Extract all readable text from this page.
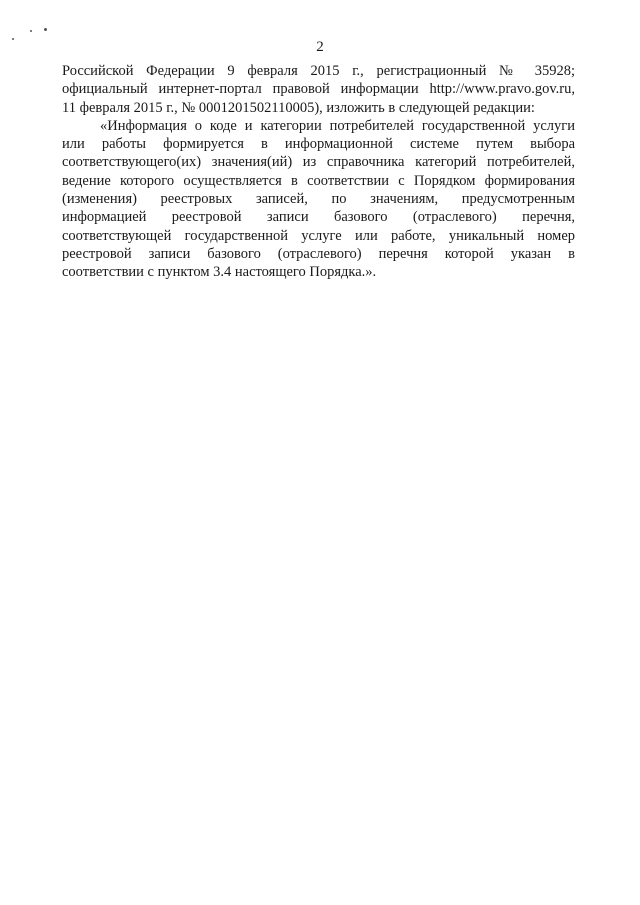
2
Российской Федерации 9 февраля 2015 г., регистрационный № 35928;
официальный интернет-портал правовой информации http://www.pravo.gov.ru,
11 февраля 2015 г., № 0001201502110005), изложить в следующей редакции:
«Информация о коде и категории потребителей государственной услуги
или работы формируется в информационной системе путем выбора
соответствующего(их) значения(ий) из справочника категорий потребителей,
ведение которого осуществляется в соответствии с Порядком формирования
(изменения) реестровых записей, по значениям, предусмотренным
информацией реестровой записи базового (отраслевого) перечня,
соответствующей государственной услуге или работе, уникальный номер
реестровой записи базового (отраслевого) перечня которой указан в
соответствии с пунктом 3.4 настоящего Порядка.».
